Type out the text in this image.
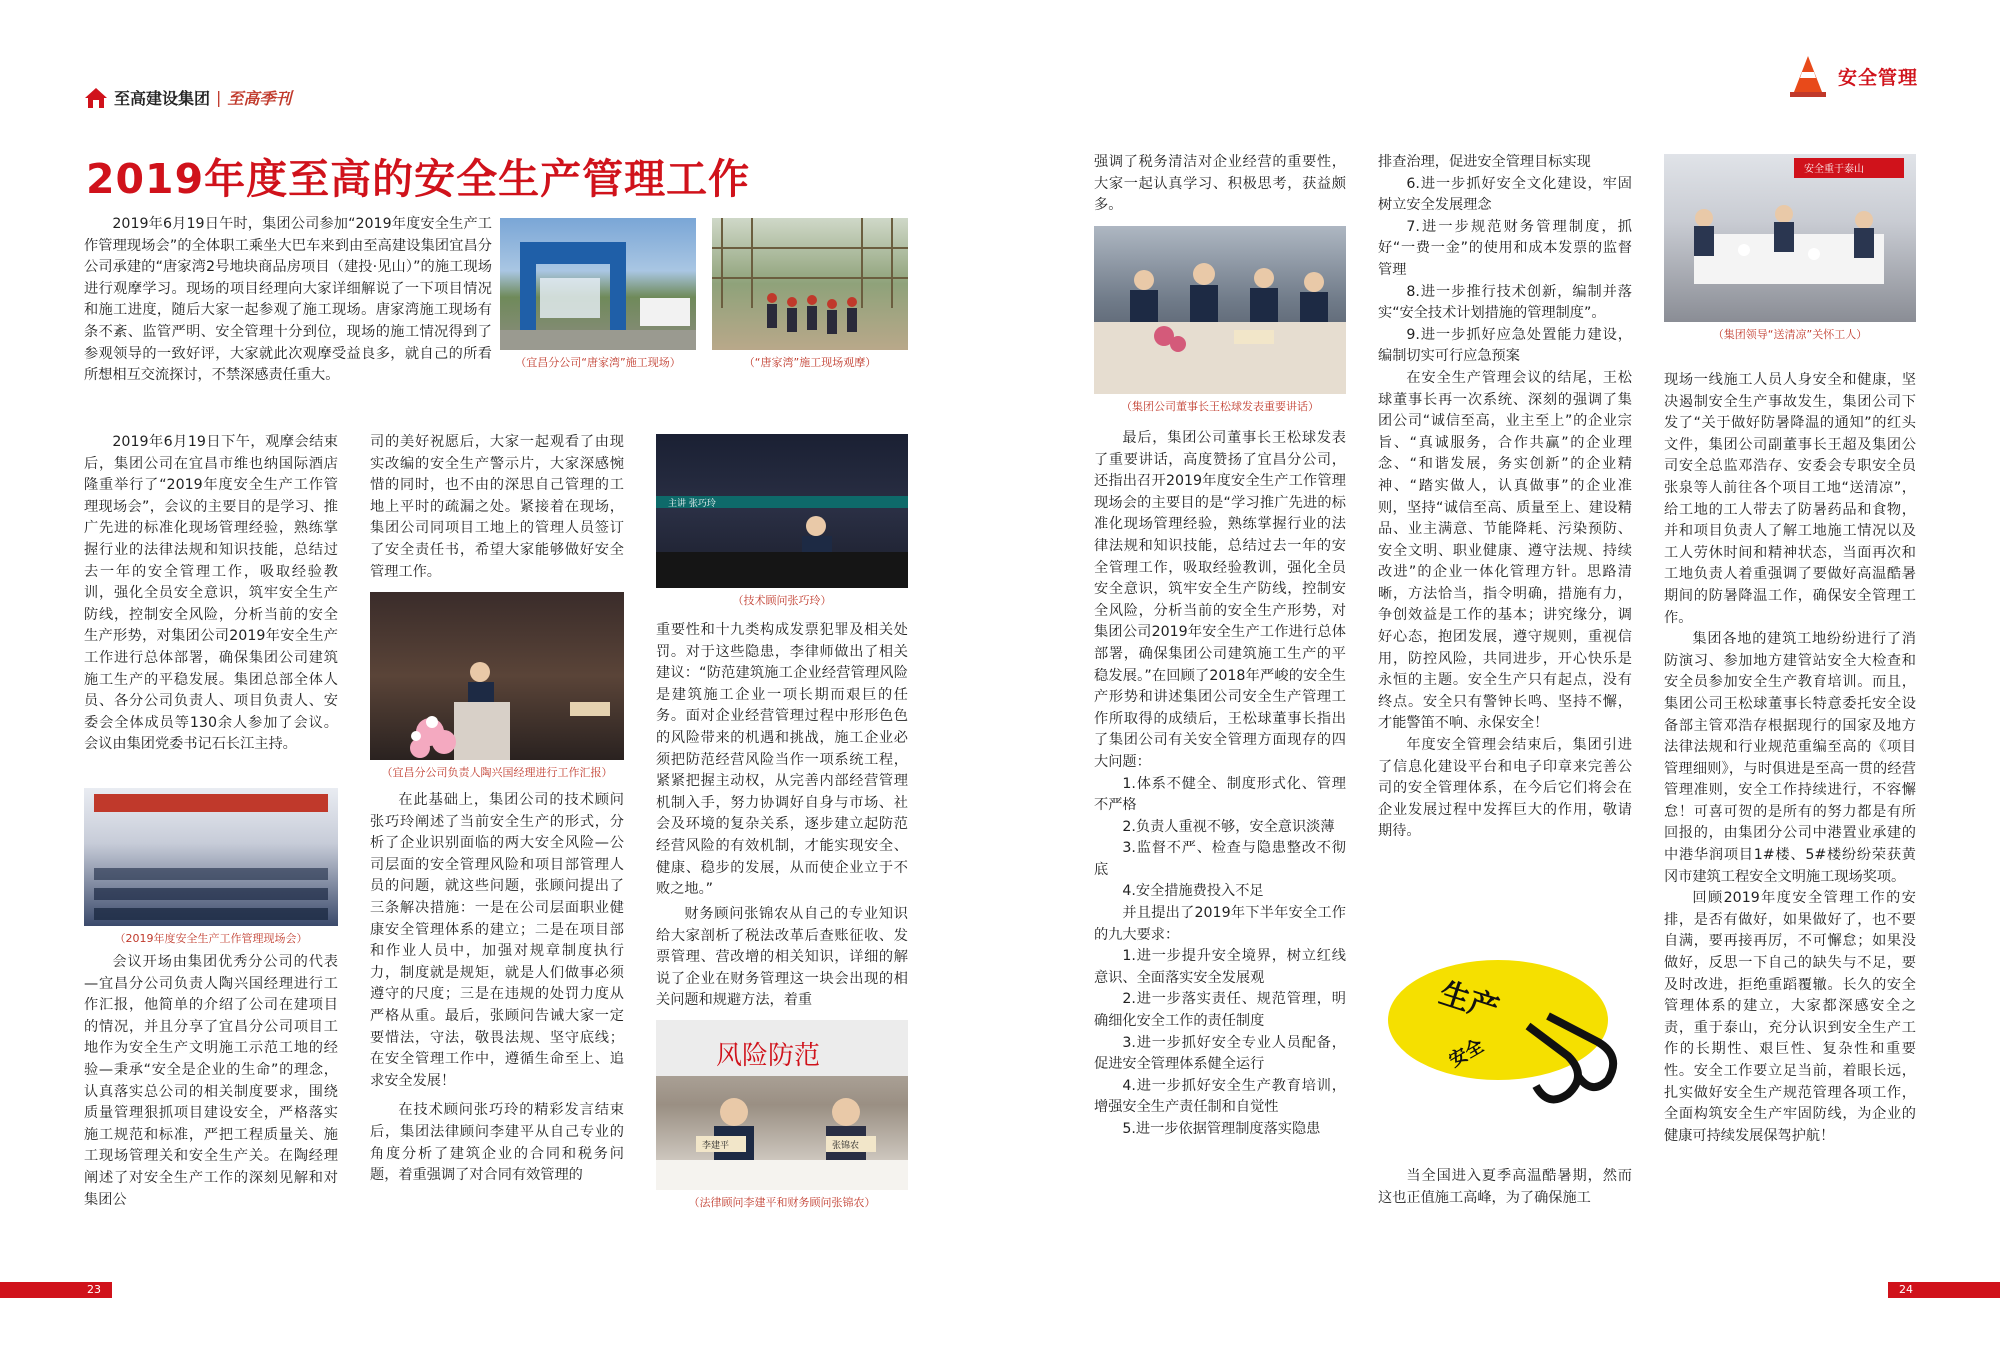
至高建设集团 | 至高季刊
安全管理
2019年度至高的安全生产管理工作

2019年6月19日午时，集团公司参加“2019年度安全生产工作管理现场会”的全体职工乘坐大巴车来到由至高建设集团宜昌分公司承建的“唐家湾2号地块商品房项目（建投·见山）”的施工现场进行观摩学习。现场的项目经理向大家详细解说了一下项目情况和施工进度，随后大家一起参观了施工现场。唐家湾施工现场有条不紊、监管严明、安全管理十分到位，现场的施工情况得到了参观领导的一致好评，大家就此次观摩受益良多，就自己的所看所想相互交流探讨，不禁深感责任重大。

（宜昌分公司“唐家湾”施工现场）	（“唐家湾”施工现场观摩）

2019年6月19日下午，观摩会结束后，集团公司在宜昌市维也纳国际酒店隆重举行了“2019年度安全生产工作管理现场会”，会议的主要目的是学习、推广先进的标准化现场管理经验，熟练掌握行业的法律法规和知识技能，总结过去一年的安全管理工作，吸取经验教训，强化全员安全意识，筑牢安全生产防线，控制安全风险，分析当前的安全生产形势，对集团公司2019年安全生产工作进行总体部署，确保集团公司建筑施工生产的平稳发展。集团总部全体人员、各分公司负责人、项目负责人、安委会全体成员等130余人参加了会议。会议由集团党委书记石长江主持。

（2019年度安全生产工作管理现场会）

会议开场由集团优秀分公司的代表—宜昌分公司负责人陶兴国经理进行工作汇报，他简单的介绍了公司在建项目的情况，并且分享了宜昌分公司项目工地作为安全生产文明施工示范工地的经验—秉承“安全是企业的生命”的理念，认真落实总公司的相关制度要求，围绕质量管理狠抓项目建设安全，严格落实施工规范和标准，严把工程质量关、施工现场管理关和安全生产关。在陶经理阐述了对安全生产工作的深刻见解和对集团公

司的美好祝愿后，大家一起观看了由现实改编的安全生产警示片，大家深感惋惜的同时，也不由的深思自己管理的工地上平时的疏漏之处。紧接着在现场，集团公司同项目工地上的管理人员签订了安全责任书，希望大家能够做好安全管理工作。

（宜昌分公司负责人陶兴国经理进行工作汇报）

在此基础上，集团公司的技术顾问张巧玲阐述了当前安全生产的形式，分析了企业识别面临的两大安全风险—公司层面的安全管理风险和项目部管理人员的问题，就这些问题，张顾问提出了三条解决措施：一是在公司层面职业健康安全管理体系的建立；二是在项目部和作业人员中，加强对规章制度执行力，制度就是规矩，就是人们做事必须遵守的尺度；三是在违规的处罚力度从严格从重。最后，张顾问告诫大家一定要惜法，守法，敬畏法规、坚守底线；在安全管理工作中，遵循生命至上、追求安全发展！

在技术顾问张巧玲的精彩发言结束后，集团法律顾问李建平从自己专业的角度分析了建筑企业的合同和税务问题，着重强调了对合同有效管理的

主讲 张巧玲
（技术顾问张巧玲）

重要性和十九类构成发票犯罪及相关处罚。对于这些隐患，李律师做出了相关建议：“防范建筑施工企业经营管理风险是建筑施工企业一项长期而艰巨的任务。面对企业经营管理过程中形形色色的风险带来的机遇和挑战，施工企业必须把防范经营风险当作一项系统工程，紧紧把握主动权，从完善内部经营管理机制入手，努力协调好自身与市场、社会及环境的复杂关系，逐步建立起防范经营风险的有效机制，才能实现安全、健康、稳步的发展，从而使企业立于不败之地。”

财务顾问张锦农从自己的专业知识给大家剖析了税法改革后查账征收、发票管理、营改增的相关知识，详细的解说了企业在财务管理这一块会出现的相关问题和规避方法，着重

风险防范
李建平	张锦农
（法律顾问李建平和财务顾问张锦农）

强调了税务清洁对企业经营的重要性，大家一起认真学习、积极思考，获益颇多。

（集团公司董事长王松球发表重要讲话）

最后，集团公司董事长王松球发表了重要讲话，高度赞扬了宜昌分公司，还指出召开2019年度安全生产工作管理现场会的主要目的是“学习推广先进的标准化现场管理经验，熟练掌握行业的法律法规和知识技能，总结过去一年的安全管理工作，吸取经验教训，强化全员安全意识，筑牢安全生产防线，控制安全风险，分析当前的安全生产形势，对集团公司2019年安全生产工作进行总体部署，确保集团公司建筑施工生产的平稳发展。”在回顾了2018年严峻的安全生产形势和讲述集团公司安全生产管理工作所取得的成绩后，王松球董事长指出了集团公司有关安全管理方面现存的四大问题：

1.体系不健全、制度形式化、管理不严格

2.负责人重视不够，安全意识淡薄

3.监督不严、检查与隐患整改不彻底

4.安全措施费投入不足

并且提出了2019年下半年安全工作的九大要求：

1.进一步提升安全境界，树立红线意识、全面落实安全发展观

2.进一步落实责任、规范管理，明确细化安全工作的责任制度

3.进一步抓好安全专业人员配备，促进安全管理体系健全运行

4.进一步抓好安全生产教育培训，增强安全生产责任制和自觉性

5.进一步依据管理制度落实隐患

排查治理，促进安全管理目标实现

6.进一步抓好安全文化建设，牢固树立安全发展理念

7.进一步规范财务管理制度，抓好“一费一金”的使用和成本发票的监督管理

8.进一步推行技术创新，编制并落实“安全技术计划措施的管理制度”。

9.进一步抓好应急处置能力建设，编制切实可行应急预案

在安全生产管理会议的结尾，王松球董事长再一次系统、深刻的强调了集团公司“诚信至高，业主至上”的企业宗旨、“真诚服务，合作共赢”的企业理念、“和谐发展，务实创新”的企业精神、“踏实做人，认真做事”的企业准则，坚持“诚信至高、质量至上、建设精品、业主满意、节能降耗、污染预防、安全文明、职业健康、遵守法规、持续改进”的企业一体化管理方针。思路清晰，方法恰当，指令明确，措施有力，争创效益是工作的基本；讲究缘分，调好心态，抱团发展，遵守规则，重视信用，防控风险，共同进步，开心快乐是永恒的主题。安全生产只有起点，没有终点。安全只有警钟长鸣、坚持不懈，才能警笛不响、永保安全！

年度安全管理会结束后，集团引进了信息化建设平台和电子印章来完善公司的安全管理体系，在今后它们将会在企业发展过程中发挥巨大的作用，敬请期待。

生产
安全

当全国进入夏季高温酷暑期，然而这也正值施工高峰，为了确保施工

安全重于泰山
（集团领导“送清凉”关怀工人）

现场一线施工人员人身安全和健康，坚决遏制安全生产事故发生，集团公司下发了“关于做好防暑降温的通知”的红头文件，集团公司副董事长王超及集团公司安全总监邓浩存、安委会专职安全员张泉等人前往各个项目工地“送清凉”，给工地的工人带去了防暑药品和食物，并和项目负责人了解工地施工情况以及工人劳休时间和精神状态，当面再次和工地负责人着重强调了要做好高温酷暑期间的防暑降温工作，确保安全管理工作。

集团各地的建筑工地纷纷进行了消防演习、参加地方建管站安全大检查和安全员参加安全生产教育培训。而且，集团公司王松球董事长特意委托安全设备部主管邓浩存根据现行的国家及地方法律法规和行业规范重编至高的《项目管理细则》，与时俱进是至高一贯的经营管理准则，安全工作持续进行，不容懈怠！可喜可贺的是所有的努力都是有所回报的，由集团分公司中港置业承建的中港华润项目1#楼、5#楼纷纷荣获黄冈市建筑工程安全文明施工现场奖项。

回顾2019年度安全管理工作的安排，是否有做好，如果做好了，也不要自满，要再接再厉，不可懈怠；如果没做好，反思一下自己的缺失与不足，要及时改进，拒绝重蹈覆辙。长久的安全管理体系的建立，大家都深感安全之责，重于泰山，充分认识到安全生产工作的长期性、艰巨性、复杂性和重要性。安全工作要立足当前，着眼长远，扎实做好安全生产规范管理各项工作，全面构筑安全生产牢固防线，为企业的健康可持续发展保驾护航！

23	24
